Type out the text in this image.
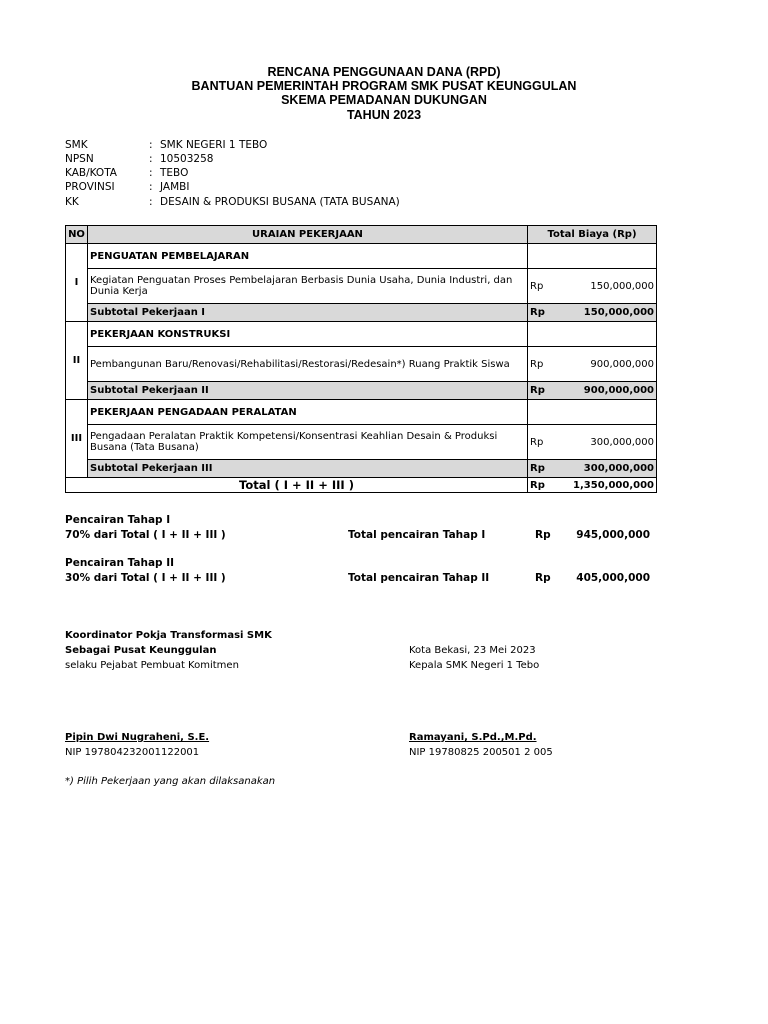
RENCANA PENGGUNAAN DANA (RPD)
BANTUAN PEMERINTAH PROGRAM SMK PUSAT KEUNGGULAN
SKEMA PEMADANAN DUKUNGAN
TAHUN 2023
SMK	: SMK NEGERI 1 TEBO
NPSN	: 10503258
KAB/KOTA	: TEBO
PROVINSI	: JAMBI
KK	: DESAIN & PRODUKSI BUSANA (TATA BUSANA)
NO	URAIAN PEKERJAAN	Total Biaya (Rp)	
I	PENGUATAN PEMBELAJARAN		
	Kegiatan Penguatan Proses Pembelajaran Berbasis Dunia Usaha, Dunia Industri, dan Dunia Kerja	Rp	150,000,000
	Subtotal Pekerjaan I	Rp	150,000,000
II	PEKERJAAN KONSTRUKSI		
	Pembangunan Baru/Renovasi/Rehabilitasi/Restorasi/Redesain*) Ruang Praktik Siswa	Rp	900,000,000
	Subtotal Pekerjaan II	Rp	900,000,000
III	PEKERJAAN PENGADAAN PERALATAN		
	Pengadaan Peralatan Praktik Kompetensi/Konsentrasi Keahlian Desain & Produksi Busana (Tata Busana)	Rp	300,000,000
	Subtotal Pekerjaan III	Rp	300,000,000
Total ( I + II + III )		Rp	1,350,000,000
Pencairan Tahap I
70% dari Total ( I + II + III )	Total pencairan Tahap I	Rp	945,000,000
Pencairan Tahap II
30% dari Total ( I + II + III )	Total pencairan Tahap II	Rp	405,000,000
Koordinator Pokja Transformasi SMK
Sebagai Pusat Keunggulan
selaku Pejabat Pembuat Komitmen
Pipin Dwi Nugraheni, S.E.
NIP 197804232001122001
Kota Bekasi, 23 Mei 2023
Kepala SMK Negeri 1 Tebo
Ramayani, S.Pd.,M.Pd.
NIP 19780825 200501 2 005
*) Pilih Pekerjaan yang akan dilaksanakan
